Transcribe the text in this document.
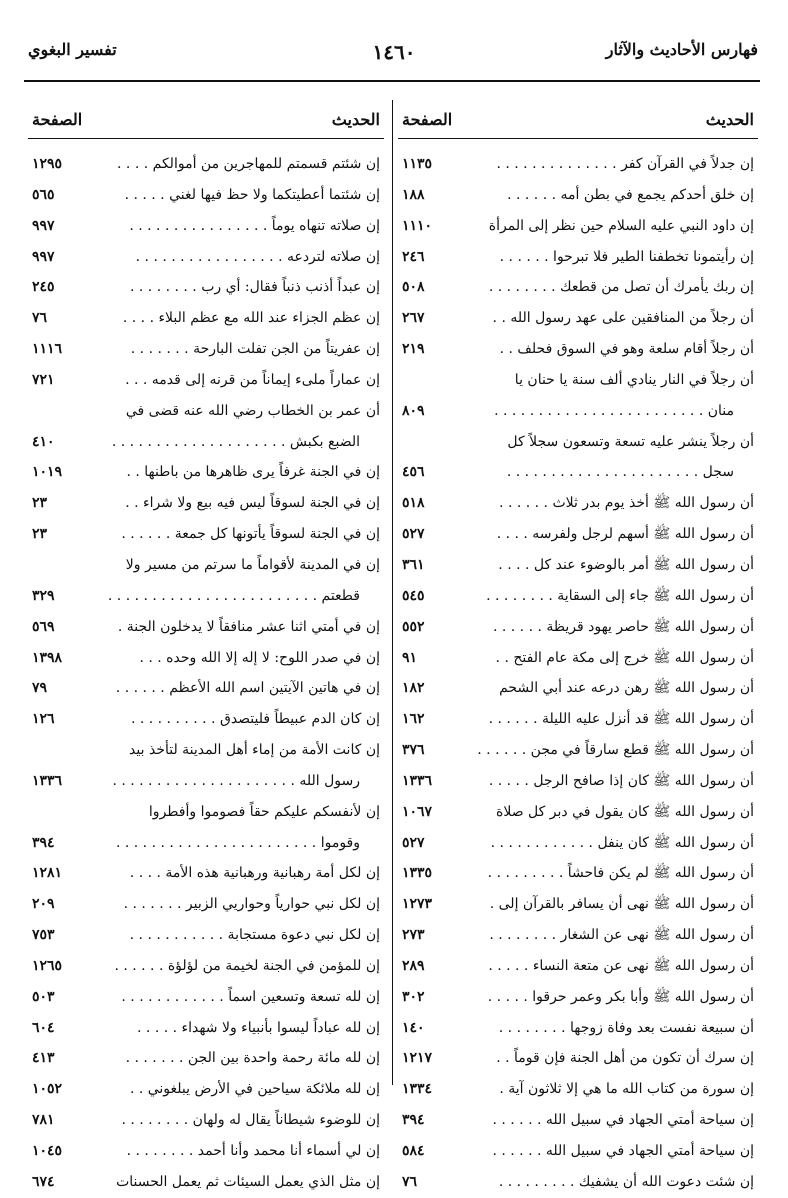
فهارس الأحاديث والآثار
١٤٦٠
تفسير البغوي
الحديث
الصفحة
إن جدلاً في القرآن كفر . . . . . . . . . . . . . .
١١٣٥
إن خلق أحدكم يجمع في بطن أمه . . . . . .
١٨٨
إن داود النبي عليه السلام حين نظر إلى المرأة
١١١٠
إن رأيتمونا تخطفنا الطير فلا تبرحوا . . . . . .
٢٤٦
إن ربك يأمرك أن تصل من قطعك . . . . . . . .
٥٠٨
أن رجلاً من المنافقين على عهد رسول الله . .
٢٦٧
أن رجلاً أقام سلعة وهو في السوق فحلف . .
٢١٩
أن رجلاً في النار ينادي ألف سنة يا حنان يا
منان . . . . . . . . . . . . . . . . . . . . . . . .
٨٠٩
أن رجلاً ينشر عليه تسعة وتسعون سجلاً كل
سجل . . . . . . . . . . . . . . . . . . . . . .
٤٥٦
أن رسول الله ﷺ أخذ يوم بدر ثلاث . . . . . .
٥١٨
أن رسول الله ﷺ أسهم لرجل ولفرسه . . . .
٥٢٧
أن رسول الله ﷺ أمر بالوضوء عند كل . . . .
٣٦١
أن رسول الله ﷺ جاء إلى السقاية . . . . . . . .
٥٤٥
أن رسول الله ﷺ حاصر يهود قريظة . . . . . .
٥٥٢
أن رسول الله ﷺ خرج إلى مكة عام الفتح . .
٩١
أن رسول الله ﷺ رهن درعه عند أبي الشحم
١٨٢
أن رسول الله ﷺ قد أنزل عليه الليلة . . . . . .
١٦٢
أن رسول الله ﷺ قطع سارقاً في مجن . . . . . .
٣٧٦
أن رسول الله ﷺ كان إذا صافح الرجل . . . . .
١٣٣٦
أن رسول الله ﷺ كان يقول في دبر كل صلاة
١٠٦٧
أن رسول الله ﷺ كان ينفل . . . . . . . . . . . .
٥٢٧
أن رسول الله ﷺ لم يكن فاحشاً . . . . . . . . .
١٣٣٥
أن رسول الله ﷺ نهى أن يسافر بالقرآن إلى .
١٢٧٣
أن رسول الله ﷺ نهى عن الشغار . . . . . . . .
٢٧٣
أن رسول الله ﷺ نهى عن متعة النساء . . . . .
٢٨٩
أن رسول الله ﷺ وأبا بكر وعمر حرقوا . . . . .
٣٠٢
أن سبيعة نفست بعد وفاة زوجها . . . . . . . .
١٤٠
إن سرك أن تكون من أهل الجنة فإن قوماً . .
١٢١٧
إن سورة من كتاب الله ما هي إلا ثلاثون آية .
١٣٣٤
إن سياحة أمتي الجهاد في سبيل الله . . . . . .
٣٩٤
إن سياحة أمتي الجهاد في سبيل الله . . . . . .
٥٨٤
إن شئت دعوت الله أن يشفيك . . . . . . . . .
٧٦
الحديث
الصفحة
إن شئتم قسمتم للمهاجرين من أموالكم . . . .
١٢٩٥
إن شئتما أعطيتكما ولا حظ فيها لغني . . . . .
٥٦٥
إن صلاته تنهاه يوماً . . . . . . . . . . . . . . . .
٩٩٧
إن صلاته لتردعه . . . . . . . . . . . . . . . . .
٩٩٧
إن عبداً أذنب ذنباً فقال: أي رب . . . . . . . .
٢٤٥
إن عظم الجزاء عند الله مع عظم البلاء . . . .
٧٦
إن عفريتاً من الجن تفلت البارحة . . . . . . .
١١١٦
إن عماراً ملىء إيماناً من قرنه إلى قدمه . . .
٧٢١
أن عمر بن الخطاب رضي الله عنه قضى في
الضبع بكبش . . . . . . . . . . . . . . . . . . . .
٤١٠
إن في الجنة غرفاً يرى ظاهرها من باطنها . .
١٠١٩
إن في الجنة لسوقاً ليس فيه بيع ولا شراء . .
٢٣
إن في الجنة لسوقاً يأتونها كل جمعة . . . . . .
٢٣
إن في المدينة لأقواماً ما سرتم من مسير ولا
قطعتم . . . . . . . . . . . . . . . . . . . . . . . .
٣٢٩
إن في أمتي اثنا عشر منافقاً لا يدخلون الجنة .
٥٦٩
إن في صدر اللوح: لا إله إلا الله وحده . . .
١٣٩٨
إن في هاتين الآيتين اسم الله الأعظم . . . . . .
٧٩
إن كان الدم عبيطاً فليتصدق . . . . . . . . . .
١٢٦
إن كانت الأمة من إماء أهل المدينة لتأخذ بيد
رسول الله . . . . . . . . . . . . . . . . . . . . .
١٣٣٦
إن لأنفسكم عليكم حقاً فصوموا وأفطروا
وقوموا . . . . . . . . . . . . . . . . . . . . . . .
٣٩٤
إن لكل أمة رهبانية ورهبانية هذه الأمة . . . .
١٢٨١
إن لكل نبي حوارياً وحواريي الزبير . . . . . . .
٢٠٩
إن لكل نبي دعوة مستجابة . . . . . . . . . . .
٧٥٣
إن للمؤمن في الجنة لخيمة من لؤلؤة . . . . . .
١٢٦٥
إن لله تسعة وتسعين اسماً . . . . . . . . . . . .
٥٠٣
إن لله عباداً ليسوا بأنبياء ولا شهداء . . . . .
٦٠٤
إن لله مائة رحمة واحدة بين الجن . . . . . . .
٤١٣
إن لله ملائكة سياحين في الأرض يبلغوني . .
١٠٥٢
إن للوضوء شيطاناً يقال له ولهان . . . . . . . .
٧٨١
إن لي أسماء أنا محمد وأنا أحمد . . . . . . . .
١٠٤٥
إن مثل الذي يعمل السيئات ثم يعمل الحسنات
٦٧٤
